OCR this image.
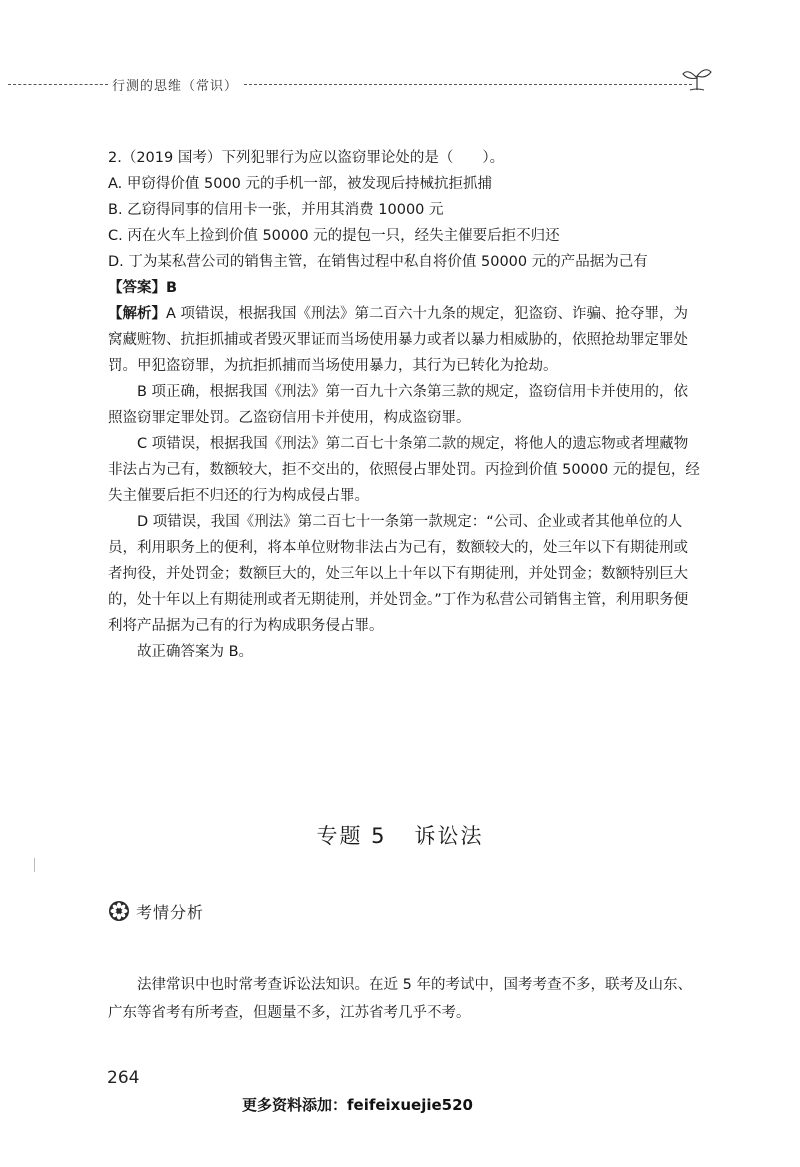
行测的思维（常识）

2.（2019 国考）下列犯罪行为应以盗窃罪论处的是（　　）。

A. 甲窃得价值 5000 元的手机一部，被发现后持械抗拒抓捕

B. 乙窃得同事的信用卡一张，并用其消费 10000 元

C. 丙在火车上捡到价值 50000 元的提包一只，经失主催要后拒不归还

D. 丁为某私营公司的销售主管，在销售过程中私自将价值 50000 元的产品据为己有

【答案】B

【解析】A 项错误，根据我国《刑法》第二百六十九条的规定，犯盗窃、诈骗、抢夺罪，为窝藏赃物、抗拒抓捕或者毁灭罪证而当场使用暴力或者以暴力相威胁的，依照抢劫罪定罪处罚。甲犯盗窃罪，为抗拒抓捕而当场使用暴力，其行为已转化为抢劫。

B 项正确，根据我国《刑法》第一百九十六条第三款的规定，盗窃信用卡并使用的，依照盗窃罪定罪处罚。乙盗窃信用卡并使用，构成盗窃罪。

C 项错误，根据我国《刑法》第二百七十条第二款的规定，将他人的遗忘物或者埋藏物非法占为己有，数额较大，拒不交出的，依照侵占罪处罚。丙捡到价值 50000 元的提包，经失主催要后拒不归还的行为构成侵占罪。

D 项错误，我国《刑法》第二百七十一条第一款规定：“公司、企业或者其他单位的人员，利用职务上的便利，将本单位财物非法占为己有，数额较大的，处三年以下有期徒刑或者拘役，并处罚金；数额巨大的，处三年以上十年以下有期徒刑，并处罚金；数额特别巨大的，处十年以上有期徒刑或者无期徒刑，并处罚金。”丁作为私营公司销售主管，利用职务便利将产品据为己有的行为构成职务侵占罪。

故正确答案为 B。

专题 5 诉讼法
考情分析

法律常识中也时常考查诉讼法知识。在近 5 年的考试中，国考考查不多，联考及山东、广东等省考有所考查，但题量不多，江苏省考几乎不考。

264
更多资料添加：feifeixuejie520
